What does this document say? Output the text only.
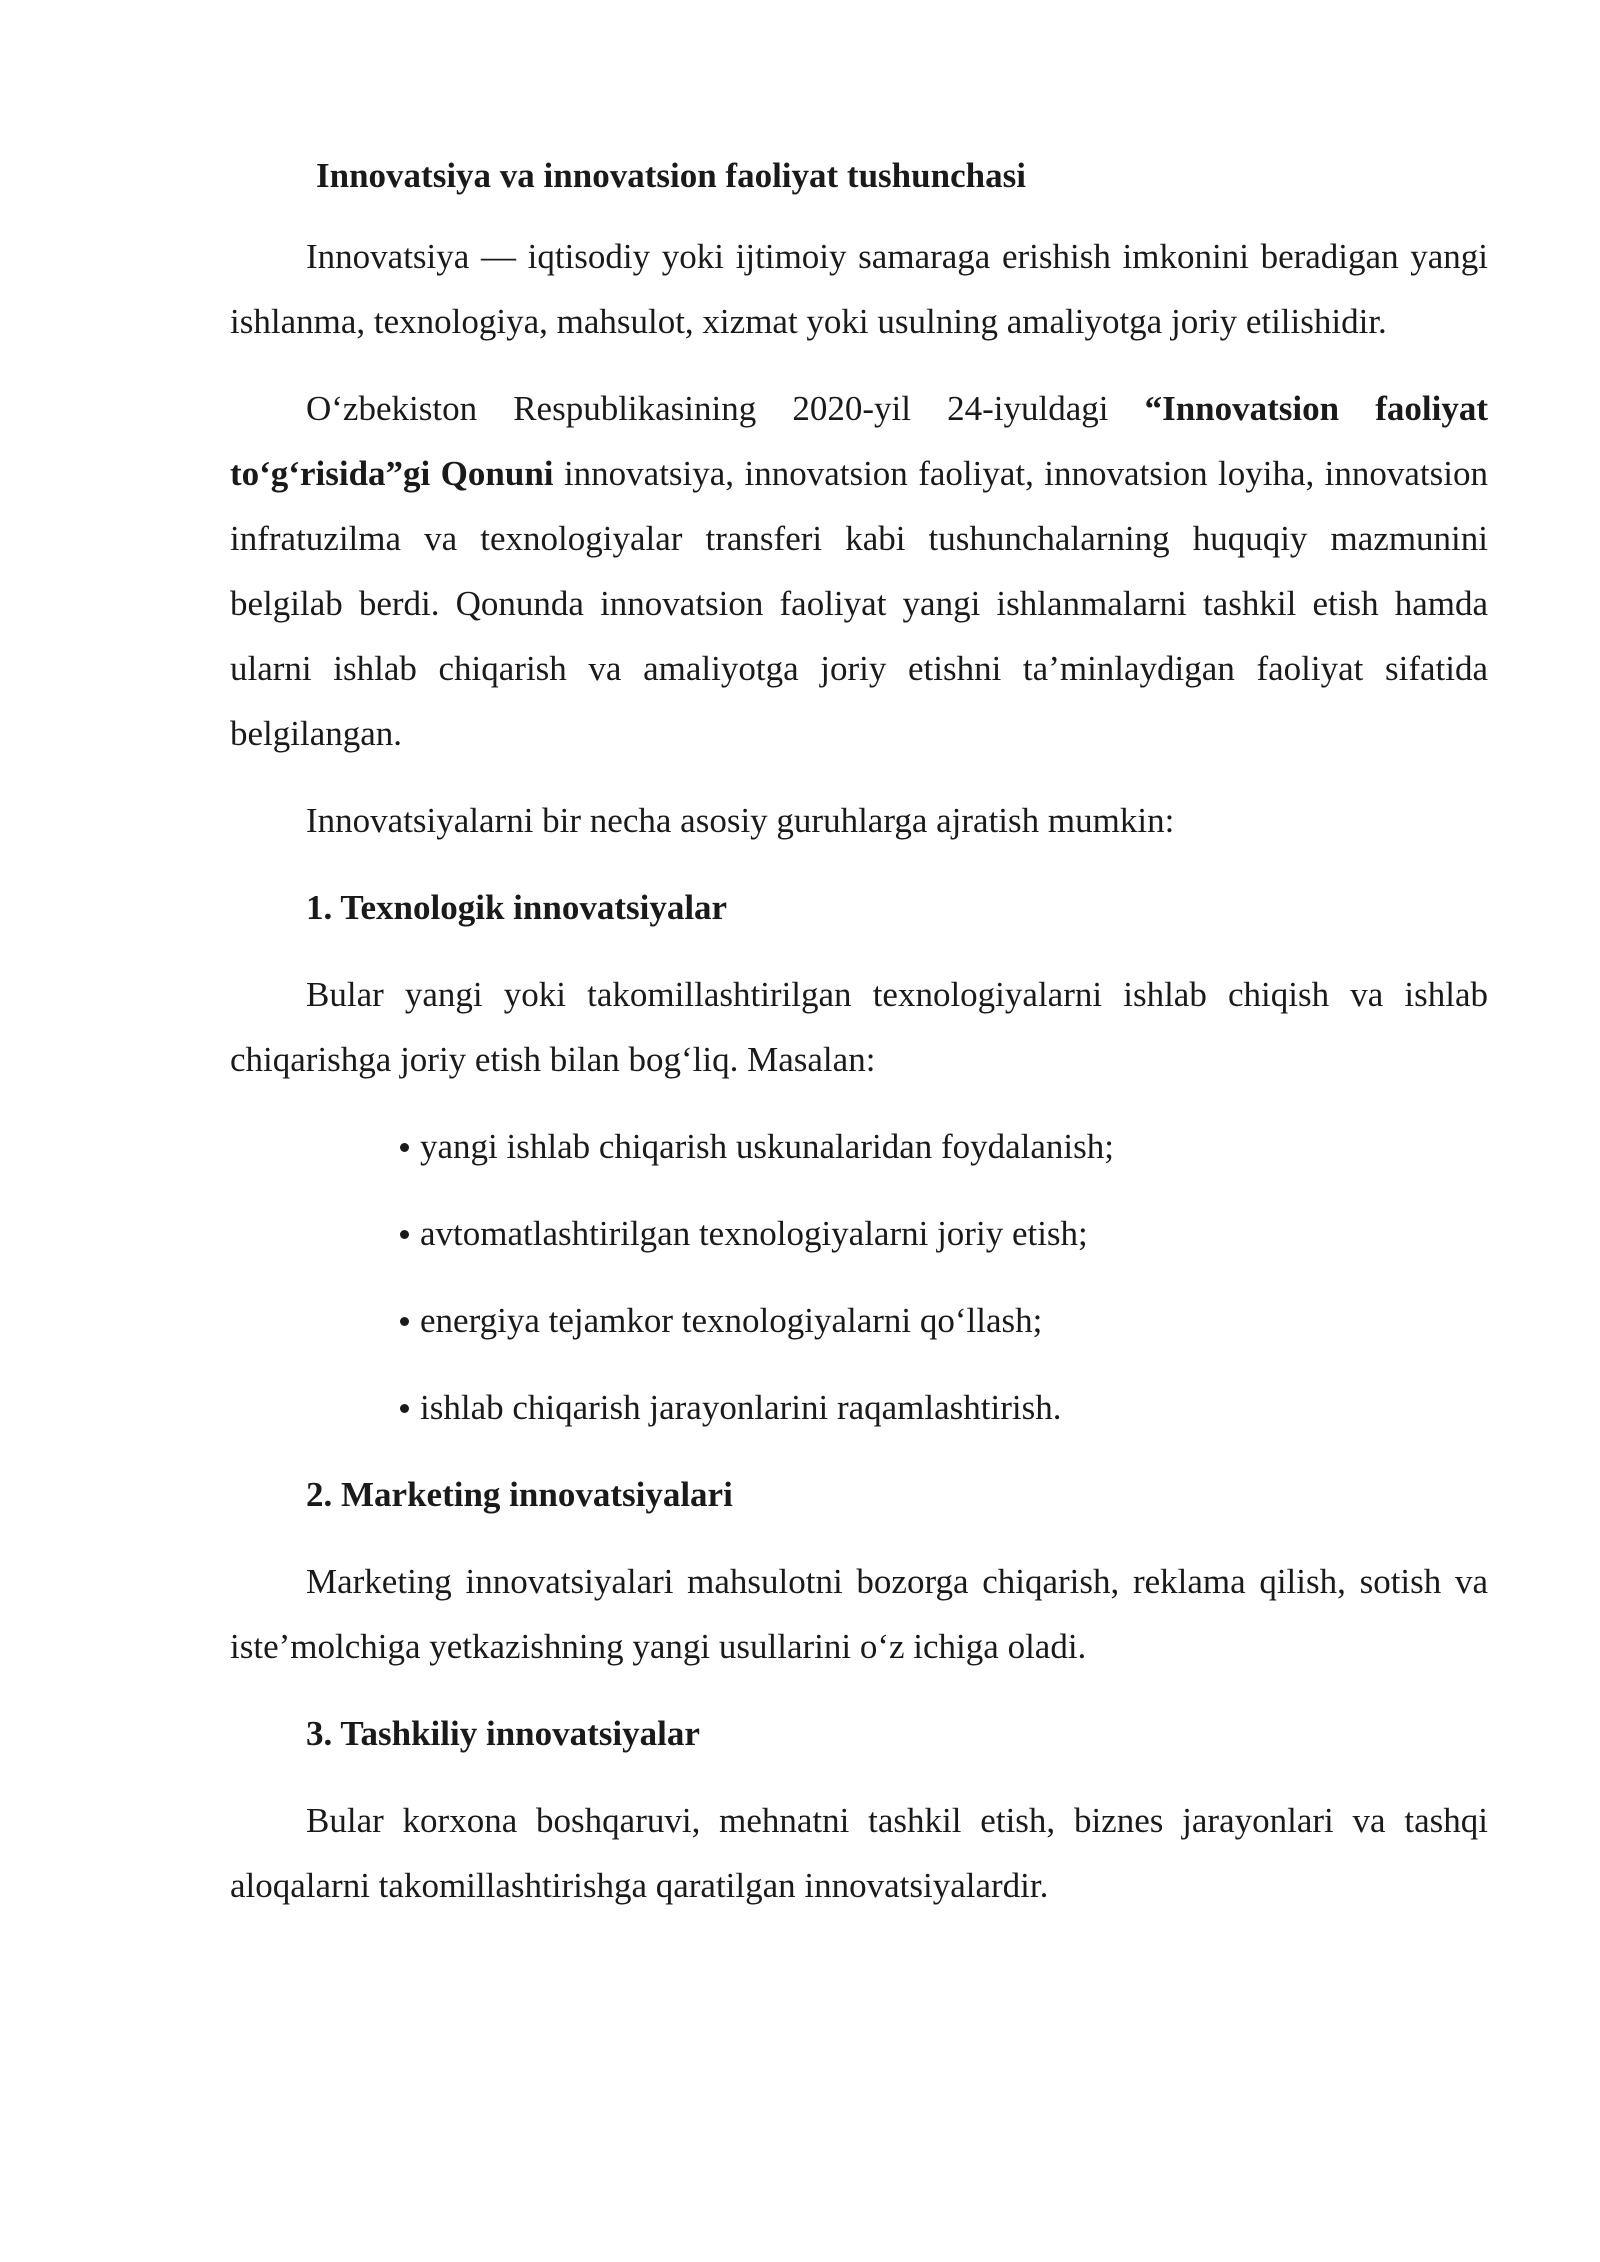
Innovatsiya va innovatsion faoliyat tushunchasi

Innovatsiya — iqtisodiy yoki ijtimoiy samaraga erishish imkonini beradigan yangi ishlanma, texnologiya, mahsulot, xizmat yoki usulning amaliyotga joriy etilishidir.

O‘zbekiston Respublikasining 2020-yil 24-iyuldagi “Innovatsion faoliyat to‘g‘risida”gi Qonuni innovatsiya, innovatsion faoliyat, innovatsion loyiha, innovatsion infratuzilma va texnologiyalar transferi kabi tushunchalarning huquqiy mazmunini belgilab berdi. Qonunda innovatsion faoliyat yangi ishlanmalarni tashkil etish hamda ularni ishlab chiqarish va amaliyotga joriy etishni ta’minlaydigan faoliyat sifatida belgilangan.

Innovatsiyalarni bir necha asosiy guruhlarga ajratish mumkin:

1. Texnologik innovatsiyalar

Bular yangi yoki takomillashtirilgan texnologiyalarni ishlab chiqish va ishlab chiqarishga joriy etish bilan bog‘liq. Masalan:

yangi ishlab chiqarish uskunalaridan foydalanish;
avtomatlashtirilgan texnologiyalarni joriy etish;
energiya tejamkor texnologiyalarni qo‘llash;
ishlab chiqarish jarayonlarini raqamlashtirish.
2. Marketing innovatsiyalari

Marketing innovatsiyalari mahsulotni bozorga chiqarish, reklama qilish, sotish va iste’molchiga yetkazishning yangi usullarini o‘z ichiga oladi.

3. Tashkiliy innovatsiyalar

Bular korxona boshqaruvi, mehnatni tashkil etish, biznes jarayonlari va tashqi aloqalarni takomillashtirishga qaratilgan innovatsiyalardir.
